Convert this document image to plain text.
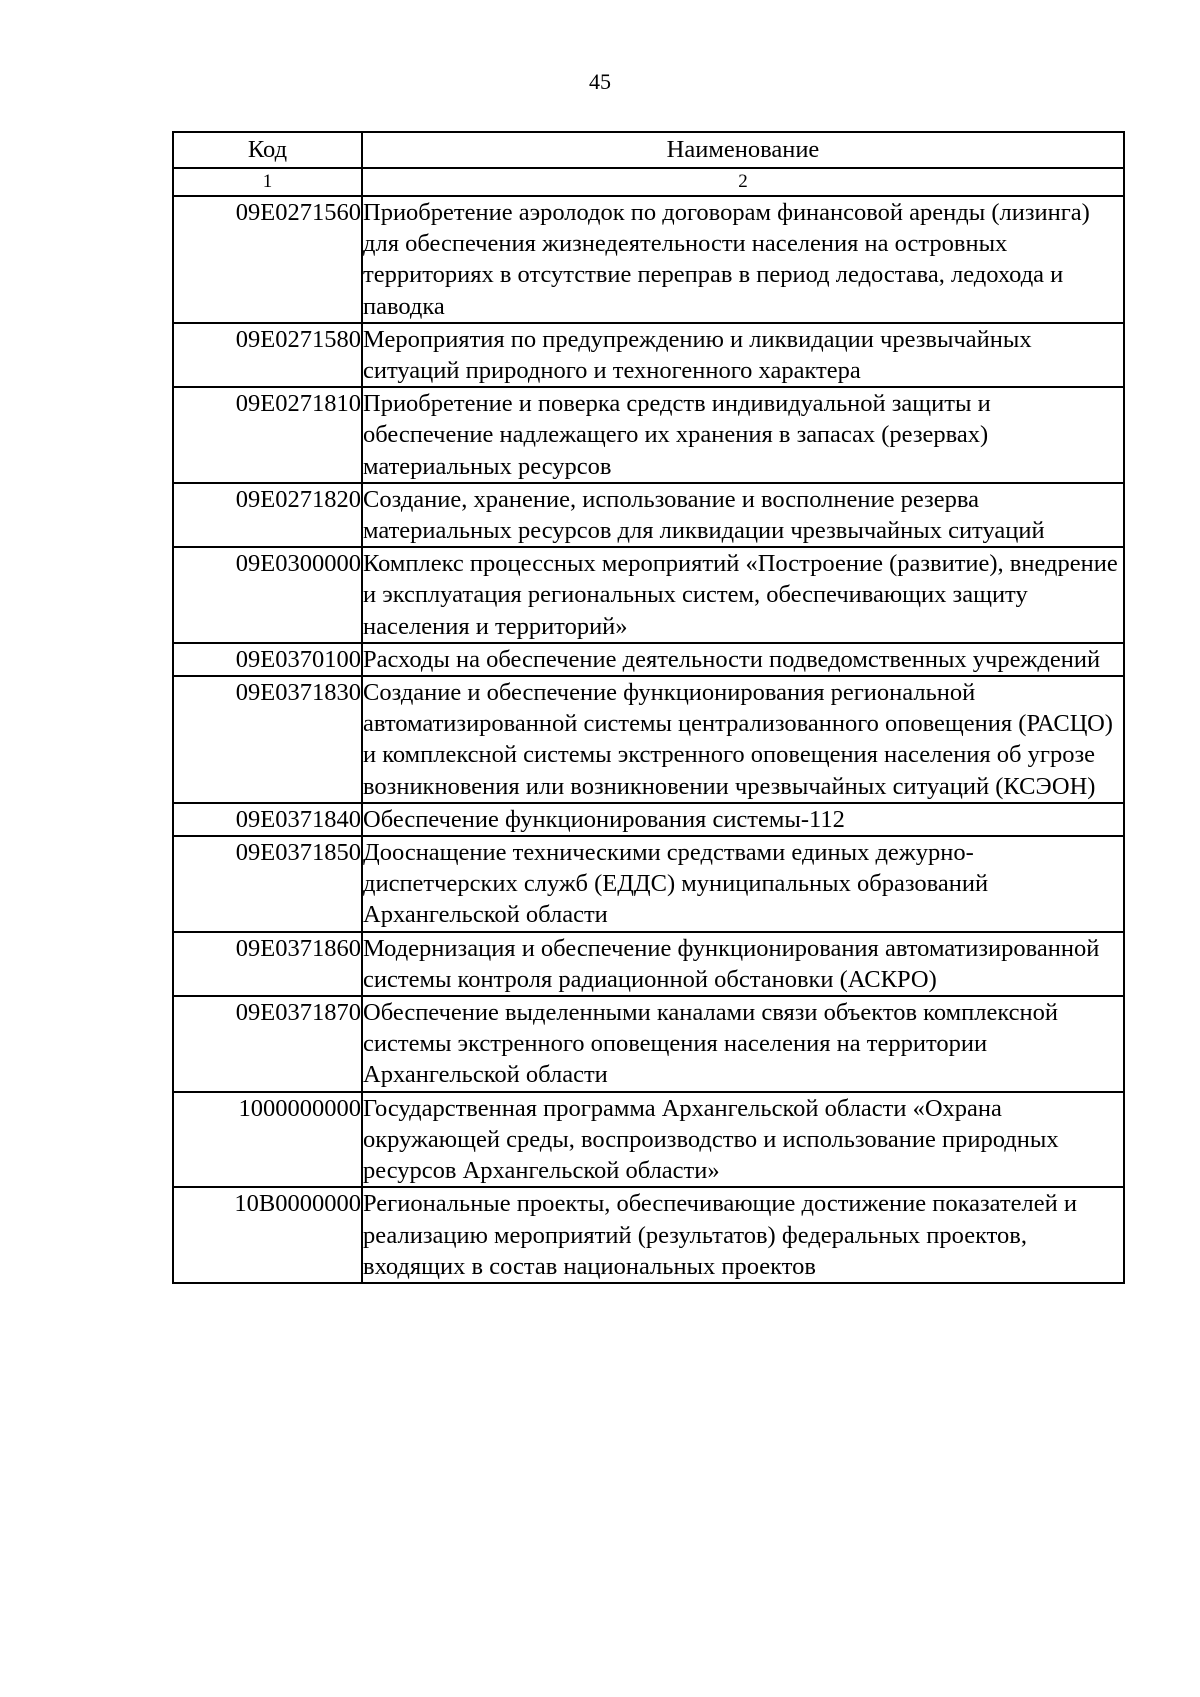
45
Код	Наименование
1	2
09E0271560	Приобретение аэролодок по договорам финансовой аренды (лизинга) для обеспечения жизнедеятельности населения на островных территориях в отсутствие переправ в период ледостава, ледохода и паводка
09E0271580	Мероприятия по предупреждению и ликвидации чрезвычайных ситуаций природного и техногенного характера
09E0271810	Приобретение и поверка средств индивидуальной защиты и обеспечение надлежащего их хранения в запасах (резервах) материальных ресурсов
09E0271820	Создание, хранение, использование и восполнение резерва материальных ресурсов для ликвидации чрезвычайных ситуаций
09E0300000	Комплекс процессных мероприятий «Построение (развитие), внедрение и эксплуатация региональных систем, обеспечивающих защиту населения и территорий»
09E0370100	Расходы на обеспечение деятельности подведомственных учреждений
09E0371830	Создание и обеспечение функционирования региональной автоматизированной системы централизованного оповещения (РАСЦО) и комплексной системы экстренного оповещения населения об угрозе возникновения или возникновении чрезвычайных ситуаций (КСЭОН)
09E0371840	Обеспечение функционирования системы-112
09E0371850	Дооснащение техническими средствами единых дежурно-диспетчерских служб (ЕДДС) муниципальных образований Архангельской области
09E0371860	Модернизация и обеспечение функционирования автоматизированной системы контроля радиационной обстановки (АСКРО)
09E0371870	Обеспечение выделенными каналами связи объектов комплексной системы экстренного оповещения населения на территории Архангельской области
1000000000	Государственная программа Архангельской области «Охрана окружающей среды, воспроизводство и использование природных ресурсов Архангельской области»
10B0000000	Региональные проекты, обеспечивающие достижение показателей и реализацию мероприятий (результатов) федеральных проектов, входящих в состав национальных проектов
